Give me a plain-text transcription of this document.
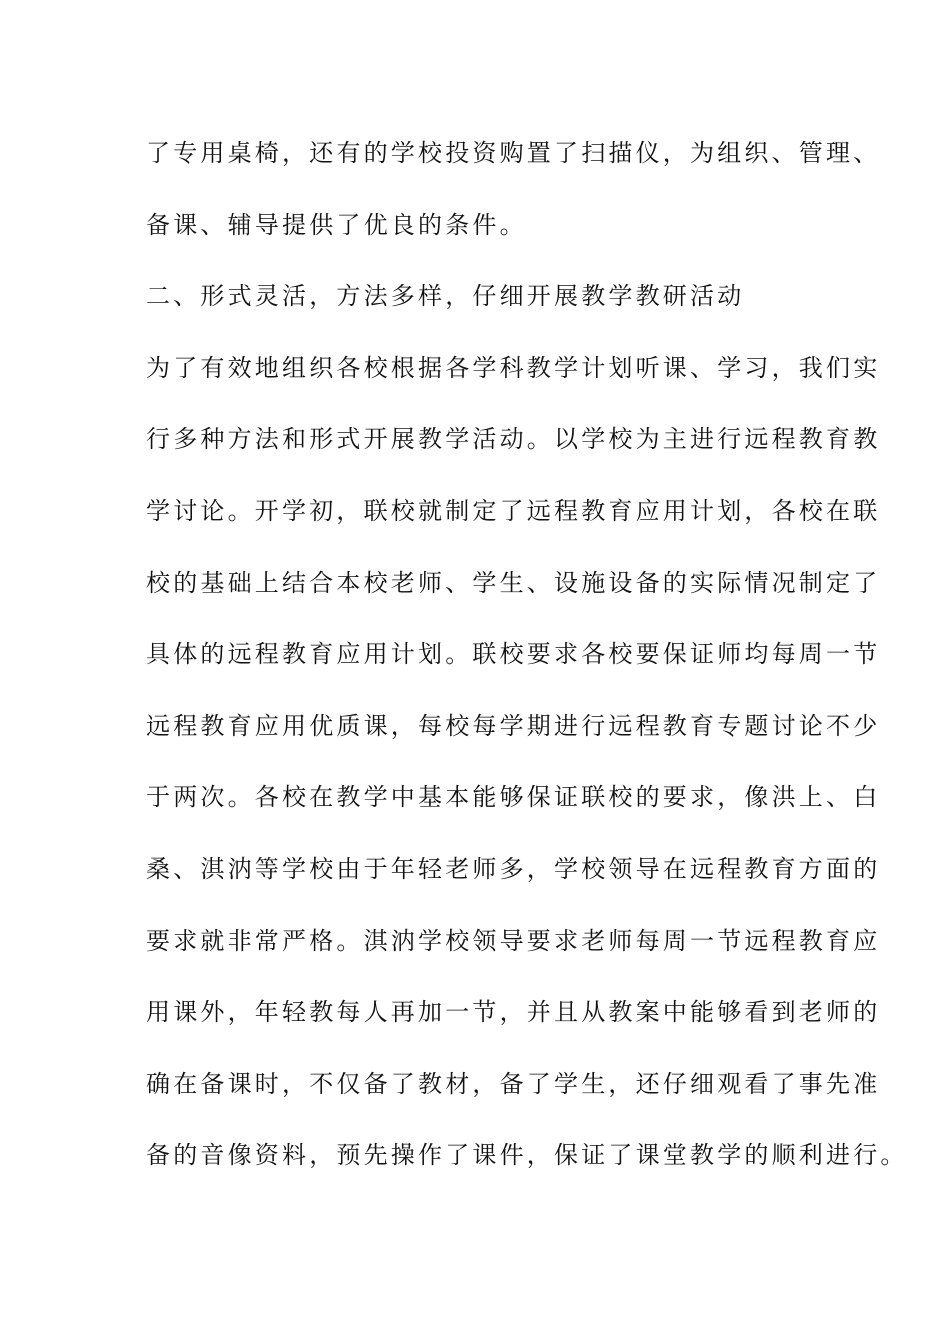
了专用桌椅，还有的学校投资购置了扫描仪，为组织、管理、
备课、辅导提供了优良的条件。
二、形式灵活，方法多样，仔细开展教学教研活动
为了有效地组织各校根据各学科教学计划听课、学习，我们实
行多种方法和形式开展教学活动。以学校为主进行远程教育教
学讨论。开学初，联校就制定了远程教育应用计划，各校在联
校的基础上结合本校老师、学生、设施设备的实际情况制定了
具体的远程教育应用计划。联校要求各校要保证师均每周一节
远程教育应用优质课，每校每学期进行远程教育专题讨论不少
于两次。各校在教学中基本能够保证联校的要求，像洪上、白
桑、淇汭等学校由于年轻老师多，学校领导在远程教育方面的
要求就非常严格。淇汭学校领导要求老师每周一节远程教育应
用课外，年轻教每人再加一节，并且从教案中能够看到老师的
确在备课时，不仅备了教材，备了学生，还仔细观看了事先准
备的音像资料，预先操作了课件，保证了课堂教学的顺利进行。
